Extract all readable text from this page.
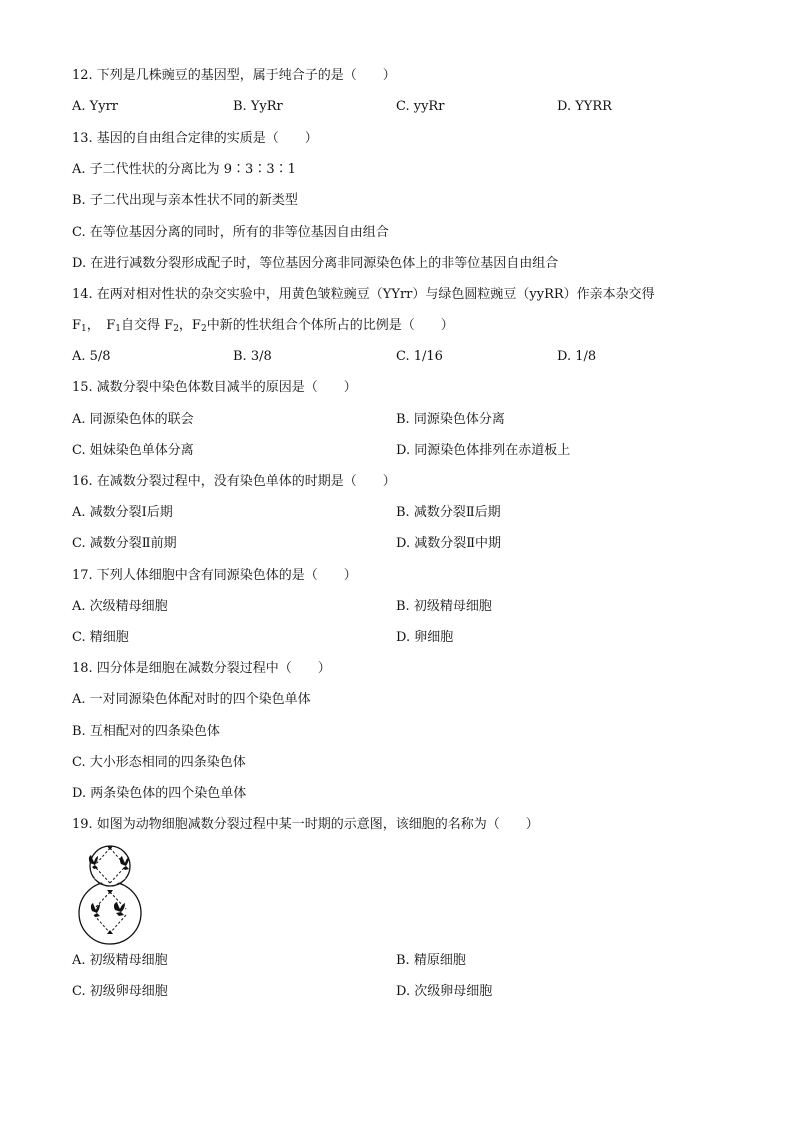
12. 下列是几株豌豆的基因型，属于纯合子的是（　　）
A. Yyrr	B. YyRr	C. yyRr	D. YYRR
13. 基因的自由组合定律的实质是（　　）
A. 子二代性状的分离比为 9∶3∶3∶1
B. 子二代出现与亲本性状不同的新类型
C. 在等位基因分离的同时，所有的非等位基因自由组合
D. 在进行减数分裂形成配子时，等位基因分离非同源染色体上的非等位基因自由组合
14. 在两对相对性状的杂交实验中，用黄色皱粒豌豆（YYrr）与绿色圆粒豌豆（yyRR）作亲本杂交得
$F_1$，　$F_1$自交得 $F_2$，$F_2$中新的性状组合个体所占的比例是（　　）
A. 5/8	B. 3/8	C. 1/16	D. 1/8
15. 减数分裂中染色体数目减半的原因是（　　）
A. 同源染色体的联会	B. 同源染色体分离
C. 姐妹染色单体分离	D. 同源染色体排列在赤道板上
16. 在减数分裂过程中，没有染色单体的时期是（　　）
A. 减数分裂Ⅰ后期	B. 减数分裂Ⅱ后期
C. 减数分裂Ⅱ前期	D. 减数分裂Ⅱ中期
17. 下列人体细胞中含有同源染色体的是（　　）
A. 次级精母细胞	B. 初级精母细胞
C. 精细胞	D. 卵细胞
18. 四分体是细胞在减数分裂过程中（　　）
A. 一对同源染色体配对时的四个染色单体
B. 互相配对的四条染色体
C. 大小形态相同的四条染色体
D. 两条染色体的四个染色单体
19. 如图为动物细胞减数分裂过程中某一时期的示意图，该细胞的名称为（　　）
A. 初级精母细胞	B. 精原细胞
C. 初级卵母细胞	D. 次级卵母细胞
